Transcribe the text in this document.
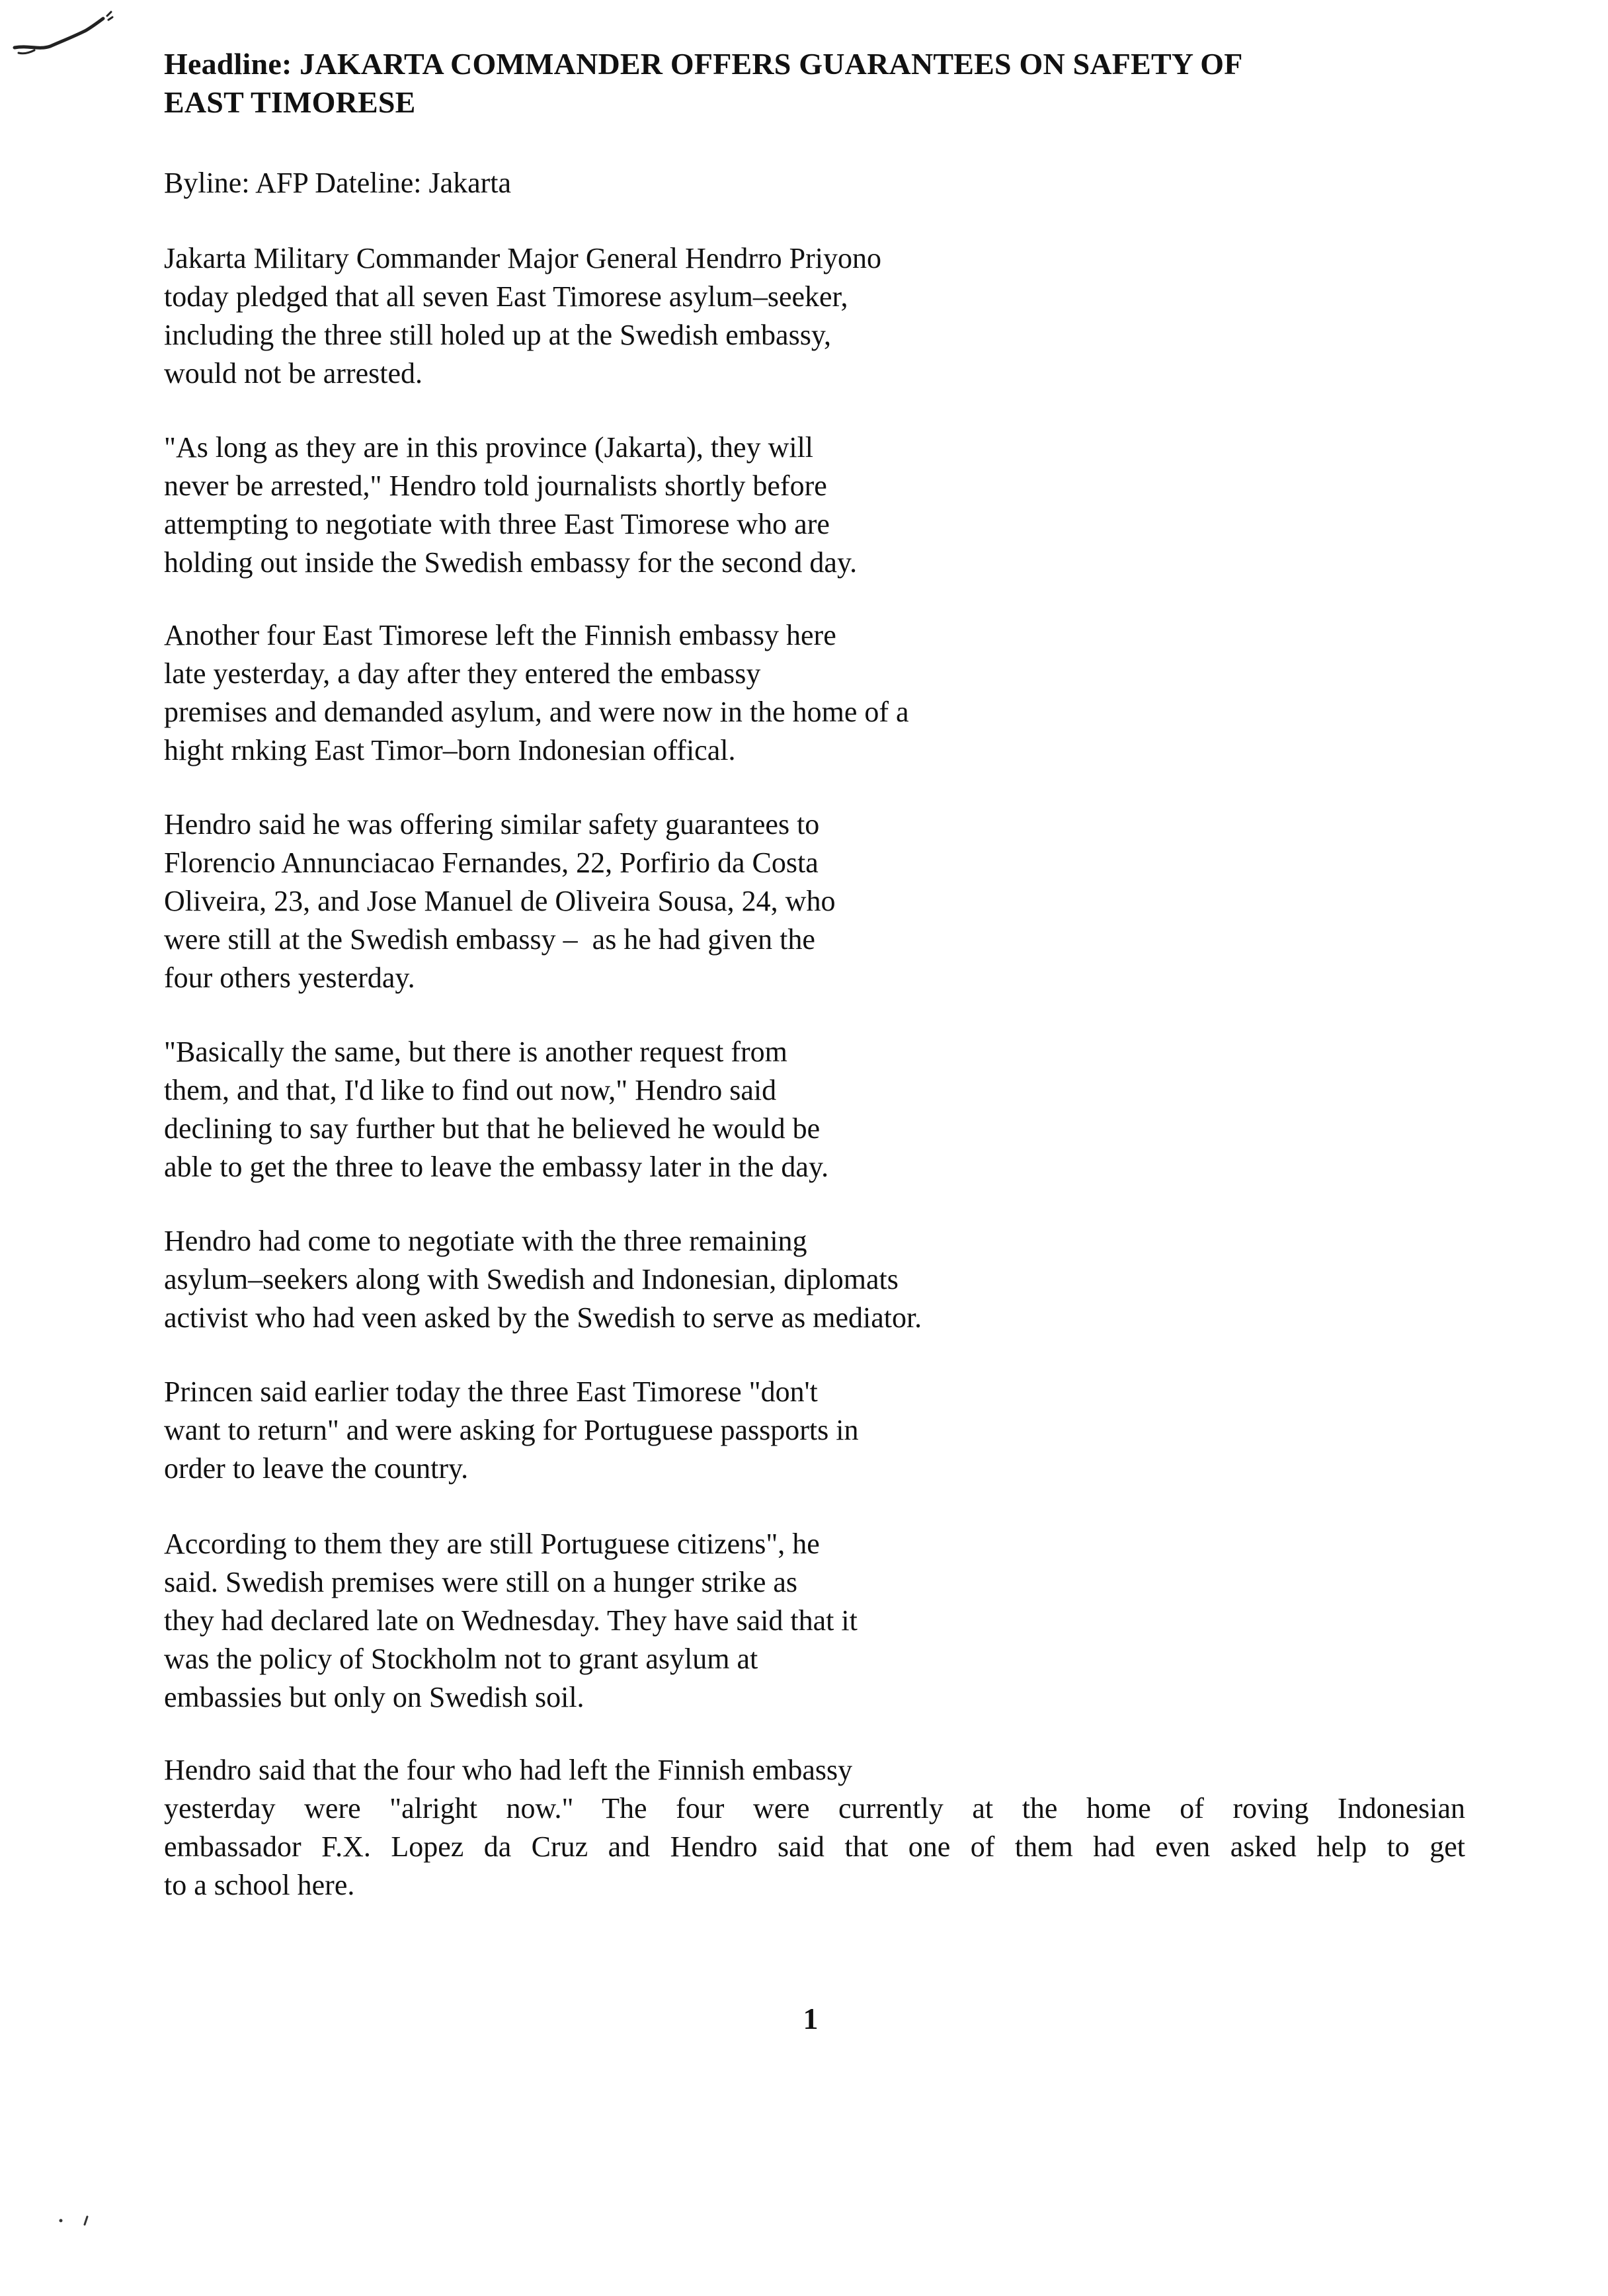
Headline: JAKARTA COMMANDER OFFERS GUARANTEES ON SAFETY OF
EAST TIMORESE

Byline: AFP Dateline: Jakarta

Jakarta Military Commander Major General Hendrro Priyono
today pledged that all seven East Timorese asylum–seeker,
including the three still holed up at the Swedish embassy,
would not be arrested.

"As long as they are in this province (Jakarta), they will
never be arrested," Hendro told journalists shortly before
attempting to negotiate with three East Timorese who are
holding out inside the Swedish embassy for the second day.

Another four East Timorese left the Finnish embassy here
late yesterday, a day after they entered the embassy
premises and demanded asylum, and were now in the home of a
hight rnking East Timor–born Indonesian offical.

Hendro said he was offering similar safety guarantees to
Florencio Annunciacao Fernandes, 22, Porfirio da Costa
Oliveira, 23, and Jose Manuel de Oliveira Sousa, 24, who
were still at the Swedish embassy –  as he had given the
four others yesterday.

"Basically the same, but there is another request from
them, and that, I'd like to find out now," Hendro said
declining to say further but that he believed he would be
able to get the three to leave the embassy later in the day.

Hendro had come to negotiate with the three remaining
asylum–seekers along with Swedish and Indonesian, diplomats
activist who had veen asked by the Swedish to serve as mediator.

Princen said earlier today the three East Timorese "don't
want to return" and were asking for Portuguese passports in
order to leave the country.

According to them they are still Portuguese citizens", he
said. Swedish premises were still on a hunger strike as
they had declared late on Wednesday. They have said that it
was the policy of Stockholm not to grant asylum at
embassies but only on Swedish soil.

Hendro said that the four who had left the Finnish embassy
yesterday were "alright now." The four were currently at the home of roving Indonesian
embassador F.X. Lopez da Cruz and Hendro said that one of them had even asked help to get
to a school here.

1
